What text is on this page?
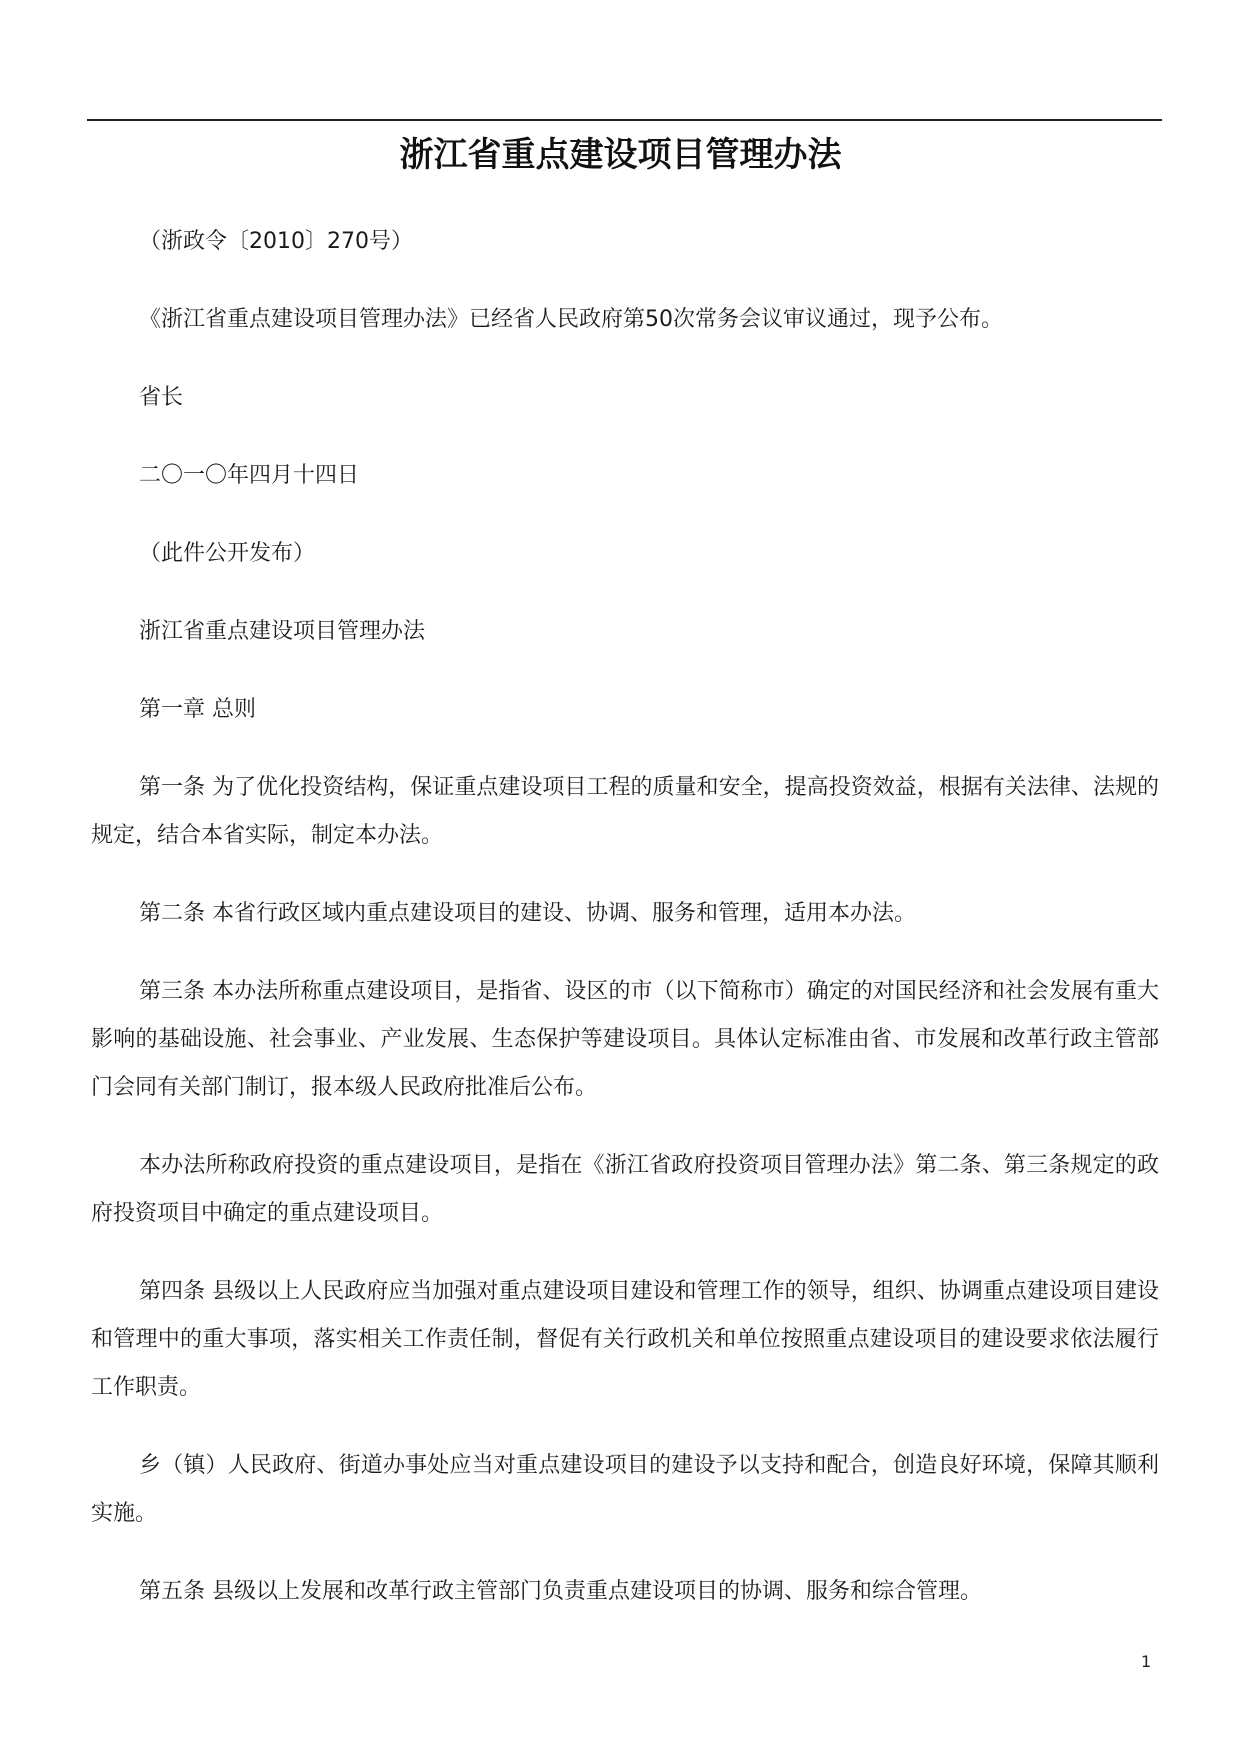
浙江省重点建设项目管理办法

（浙政令〔2010〕270号）

《浙江省重点建设项目管理办法》已经省人民政府第50次常务会议审议通过，现予公布。

省长

二〇一〇年四月十四日

（此件公开发布）

浙江省重点建设项目管理办法

第一章 总则

第一条 为了优化投资结构，保证重点建设项目工程的质量和安全，提高投资效益，根据有关法律、法规的规定，结合本省实际，制定本办法。

第二条 本省行政区域内重点建设项目的建设、协调、服务和管理，适用本办法。

第三条 本办法所称重点建设项目，是指省、设区的市（以下简称市）确定的对国民经济和社会发展有重大影响的基础设施、社会事业、产业发展、生态保护等建设项目。具体认定标准由省、市发展和改革行政主管部门会同有关部门制订，报本级人民政府批准后公布。

本办法所称政府投资的重点建设项目，是指在《浙江省政府投资项目管理办法》第二条、第三条规定的政府投资项目中确定的重点建设项目。

第四条 县级以上人民政府应当加强对重点建设项目建设和管理工作的领导，组织、协调重点建设项目建设和管理中的重大事项，落实相关工作责任制，督促有关行政机关和单位按照重点建设项目的建设要求依法履行工作职责。

乡（镇）人民政府、街道办事处应当对重点建设项目的建设予以支持和配合，创造良好环境，保障其顺利实施。

第五条 县级以上发展和改革行政主管部门负责重点建设项目的协调、服务和综合管理。

1
